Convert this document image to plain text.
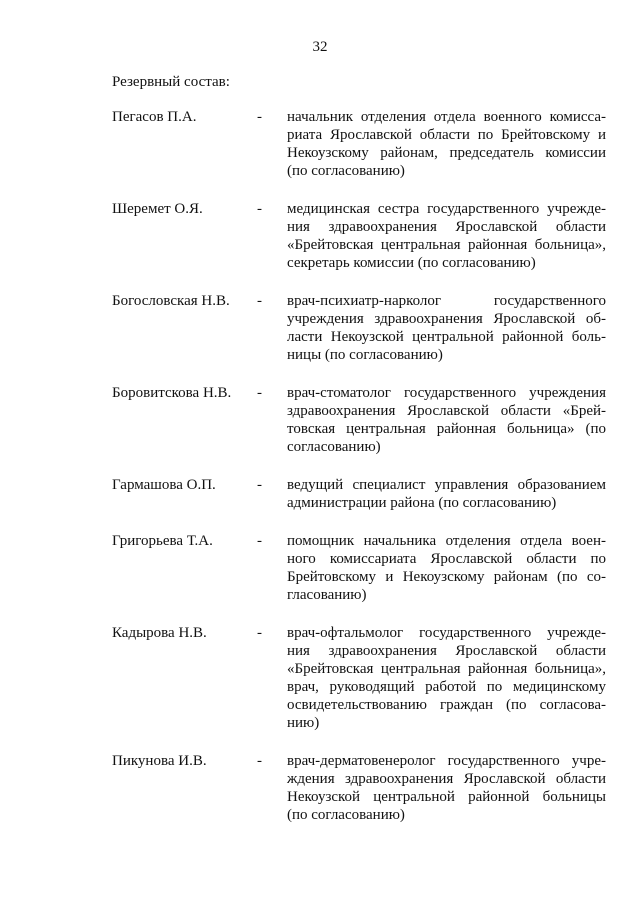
32
Резервный состав:
Пегасов П.А.	- начальник отделения отдела военного комисса-
риата Ярославской области по Брейтовскому и
Некоузскому районам, председатель комиссии
(по согласованию)
Шеремет О.Я.	- медицинская сестра государственного учрежде-
ния здравоохранения Ярославской области
«Брейтовская центральная районная больница»,
секретарь комиссии (по согласованию)
Богословская Н.В. - врач-психиатр-нарколог государственного
учреждения здравоохранения Ярославской об-
ласти Некоузской центральной районной боль-
ницы (по согласованию)
Боровитскова Н.В. - врач-стоматолог государственного учреждения
здравоохранения Ярославской области «Брей-
товская центральная районная больница» (по
согласованию)
Гармашова О.П.	- ведущий специалист управления образованием
администрации района (по согласованию)
Григорьева Т.А.	- помощник начальника отделения отдела воен-
ного комиссариата Ярославской области по
Брейтовскому и Некоузскому районам (по со-
гласованию)
Кадырова Н.В.	- врач-офтальмолог государственного учрежде-
ния здравоохранения Ярославской области
«Брейтовская центральная районная больница»,
врач, руководящий работой по медицинскому
освидетельствованию граждан (по согласова-
нию)
Пикунова И.В.	- врач-дерматовенеролог государственного учре-
ждения здравоохранения Ярославской области
Некоузской центральной районной больницы
(по согласованию)
